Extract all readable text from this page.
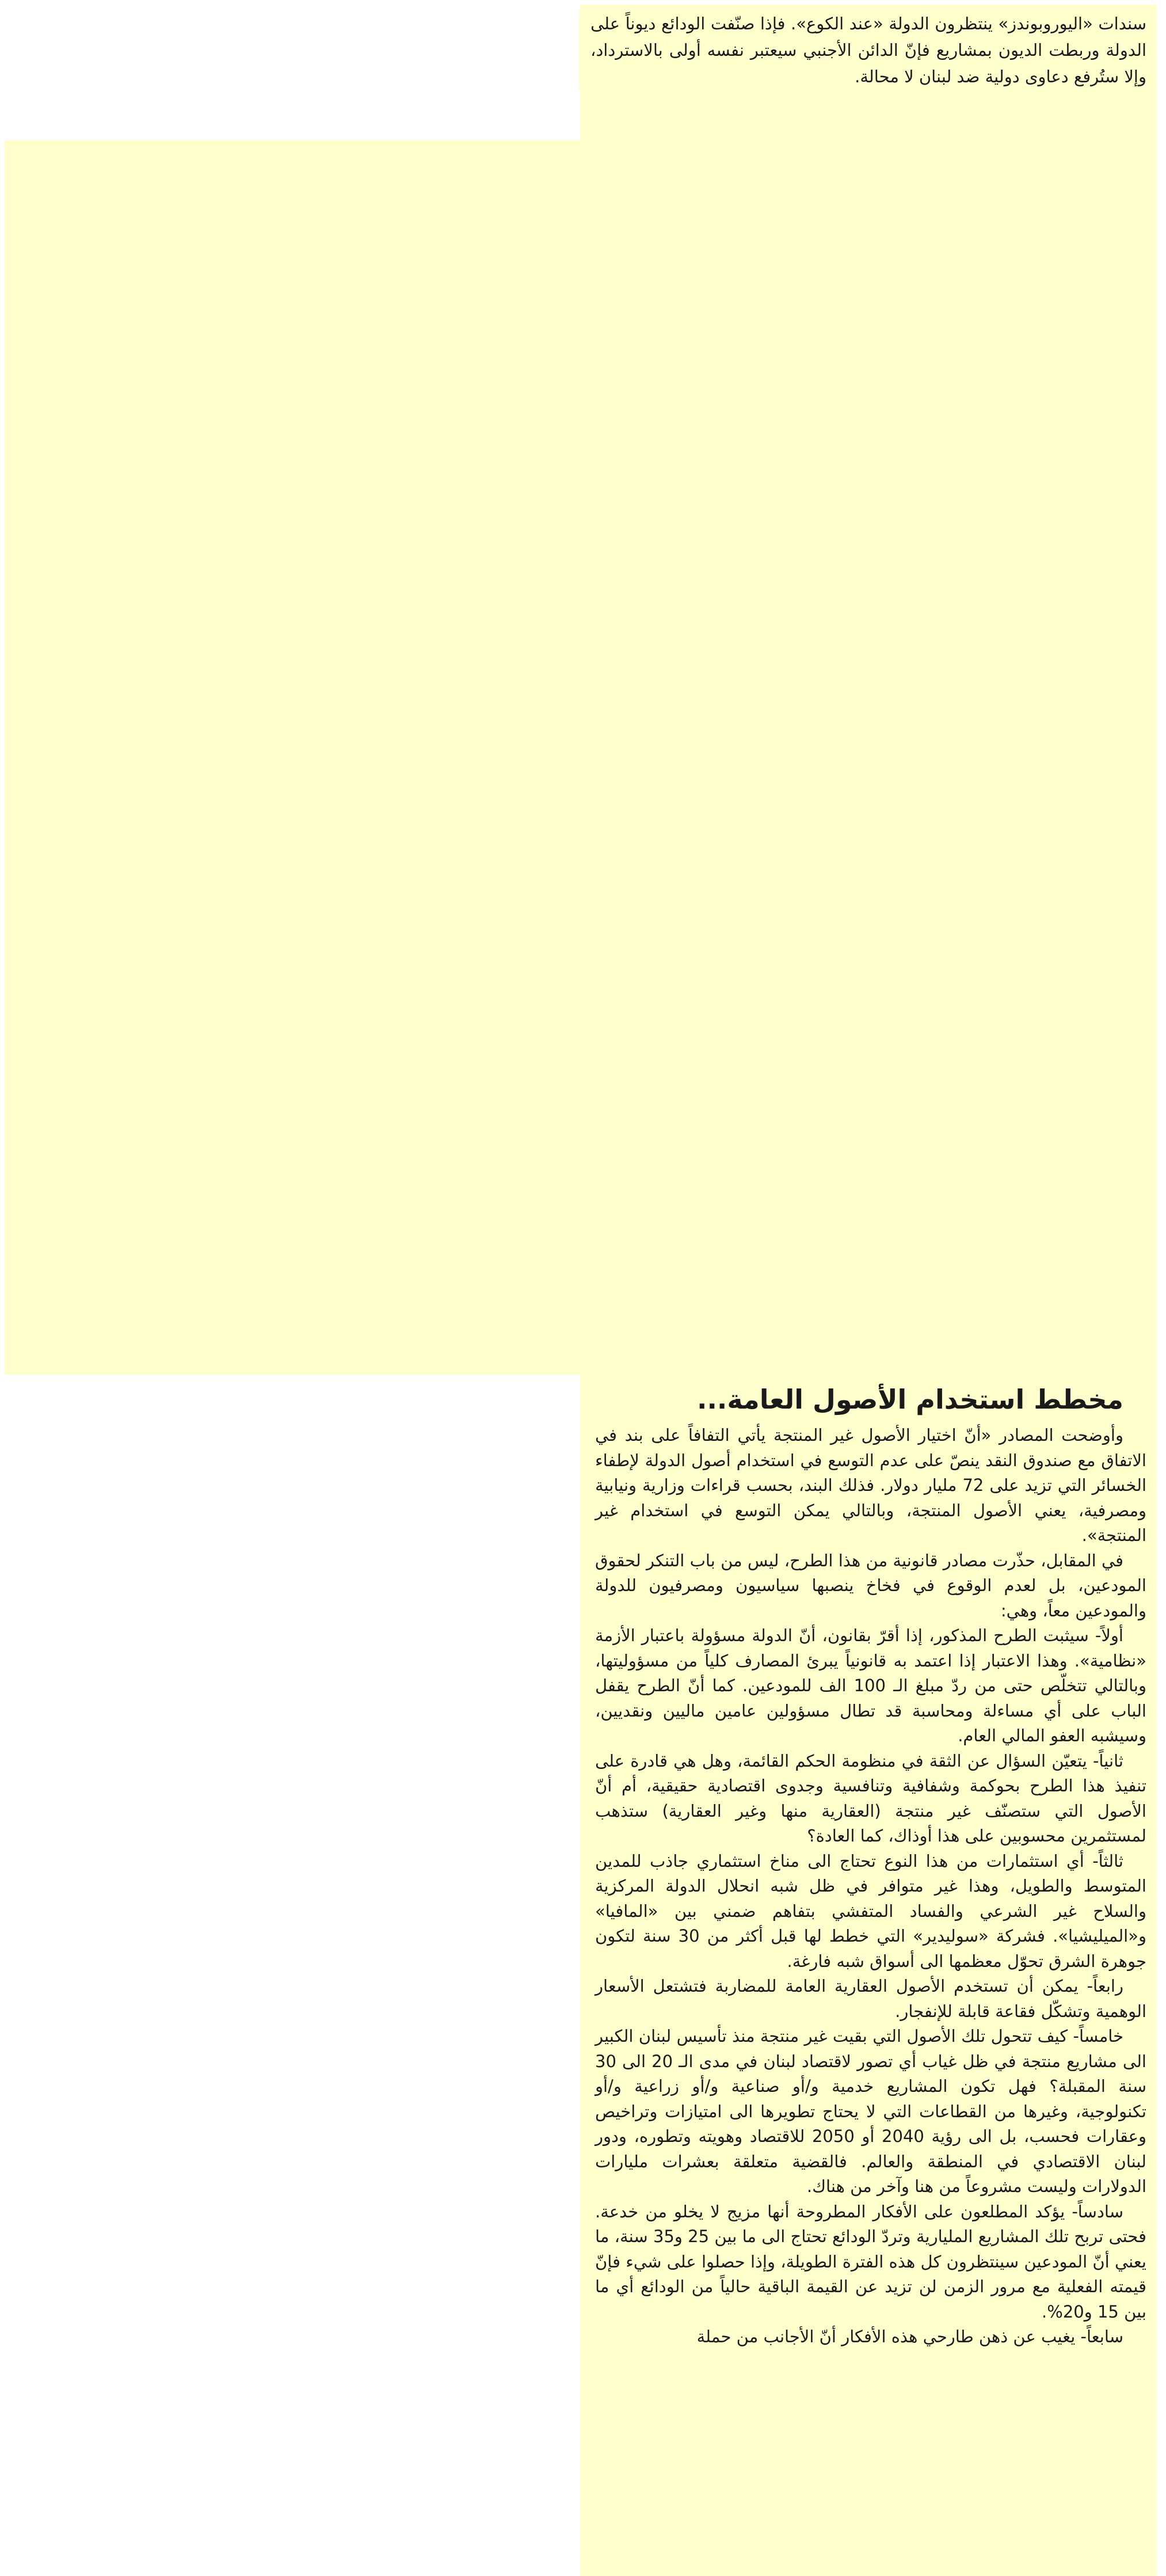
سندات «اليوروبوندز» ينتظرون الدولة «عند الكوع». فإذا صنّفت الودائع ديوناً على الدولة وربطت الديون بمشاريع فإنّ الدائن الأجنبي سيعتبر نفسه أولى بالاسترداد، وإلا ستُرفع دعاوى دولية ضد لبنان لا محالة.

مخطط استخدام الأصول العامة...

وأوضحت المصادر «أنّ اختيار الأصول غير المنتجة يأتي التفافاً على بند في الاتفاق مع صندوق النقد ينصّ على عدم التوسع في استخدام أصول الدولة لإطفاء الخسائر التي تزيد على 72 مليار دولار. فذلك البند، بحسب قراءات وزارية ونيابية ومصرفية، يعني الأصول المنتجة، وبالتالي يمكن التوسع في استخدام غير المنتجة».

في المقابل، حذّرت مصادر قانونية من هذا الطرح، ليس من باب التنكر لحقوق المودعين، بل لعدم الوقوع في فخاخ ينصبها سياسيون ومصرفيون للدولة والمودعين معاً، وهي:

أولاً- سيثبت الطرح المذكور، إذا أقرّ بقانون، أنّ الدولة مسؤولة باعتبار الأزمة «نظامية». وهذا الاعتبار إذا اعتمد به قانونياً يبرئ المصارف كلياً من مسؤوليتها، وبالتالي تتخلّص حتى من ردّ مبلغ الـ 100 الف للمودعين. كما أنّ الطرح يقفل الباب على أي مساءلة ومحاسبة قد تطال مسؤولين عامين ماليين ونقديين، وسيشبه العفو المالي العام.

ثانياً- يتعيّن السؤال عن الثقة في منظومة الحكم القائمة، وهل هي قادرة على تنفيذ هذا الطرح بحوكمة وشفافية وتنافسية وجدوى اقتصادية حقيقية، أم أنّ الأصول التي ستصنّف غير منتجة (العقارية منها وغير العقارية) ستذهب لمستثمرين محسوبين على هذا أوذاك، كما العادة؟

ثالثاً- أي استثمارات من هذا النوع تحتاج الى مناخ استثماري جاذب للمدين المتوسط والطويل، وهذا غير متوافر في ظل شبه انحلال الدولة المركزية والسلاح غير الشرعي والفساد المتفشي بتفاهم ضمني بين «المافيا» و«الميليشيا». فشركة «سوليدير» التي خطط لها قبل أكثر من 30 سنة لتكون جوهرة الشرق تحوّل معظمها الى أسواق شبه فارغة.

رابعاً- يمكن أن تستخدم الأصول العقارية العامة للمضاربة فتشتعل الأسعار الوهمية وتشكّل فقاعة قابلة للإنفجار.

خامساً- كيف تتحول تلك الأصول التي بقيت غير منتجة منذ تأسيس لبنان الكبير الى مشاريع منتجة في ظل غياب أي تصور لاقتصاد لبنان في مدى الـ 20 الى 30 سنة المقبلة؟ فهل تكون المشاريع خدمية و/أو صناعية و/أو زراعية و/أو تكنولوجية، وغيرها من القطاعات التي لا يحتاج تطويرها الى امتيازات وتراخيص وعقارات فحسب، بل الى رؤية 2040 أو 2050 للاقتصاد وهويته وتطوره، ودور لبنان الاقتصادي في المنطقة والعالم. فالقضية متعلقة بعشرات مليارات الدولارات وليست مشروعاً من هنا وآخر من هناك.

سادساً- يؤكد المطلعون على الأفكار المطروحة أنها مزيج لا يخلو من خدعة. فحتى تربح تلك المشاريع المليارية وتردّ الودائع تحتاج الى ما بين 25 و35 سنة، ما يعني أنّ المودعين سينتظرون كل هذه الفترة الطويلة، وإذا حصلوا على شيء فإنّ قيمته الفعلية مع مرور الزمن لن تزيد عن القيمة الباقية حالياً من الودائع أي ما بين 15 و20%.

سابعاً- يغيب عن ذهن طارحي هذه الأفكار أنّ الأجانب من حملة
